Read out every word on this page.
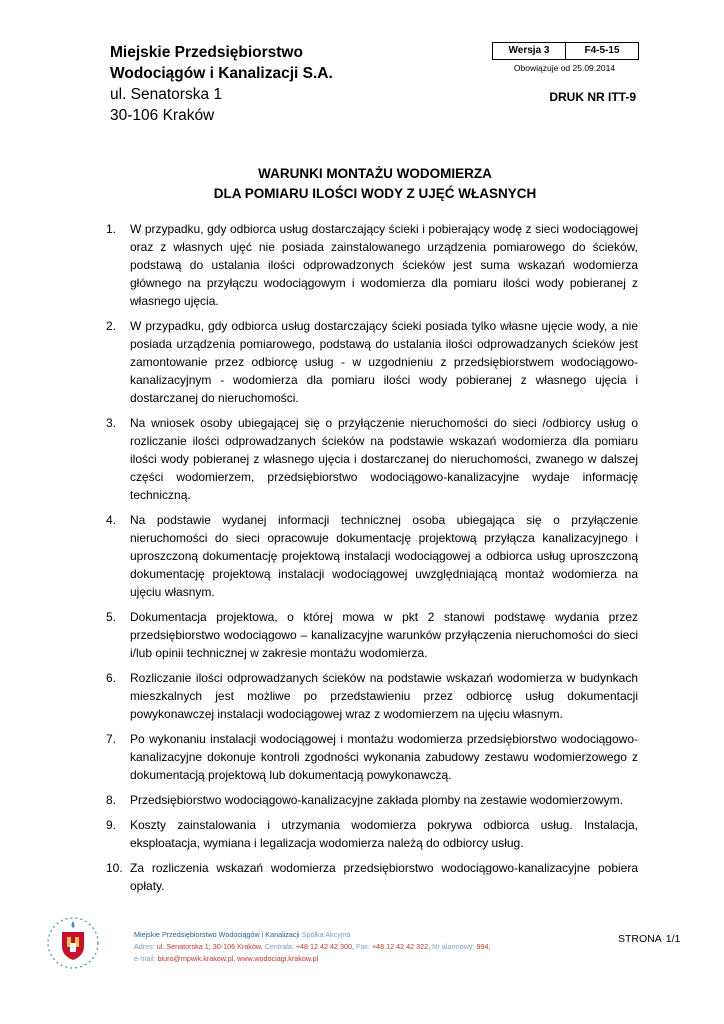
Miejskie Przedsiębiorstwo
Wodociągów i Kanalizacji S.A.
ul. Senatorska 1
30-106 Kraków
Wersja 3	F4-5-15
Obowiązuje od 25.09.2014
DRUK NR ITT-9
WARUNKI MONTAŻU WODOMIERZA
DLA POMIARU ILOŚCI WODY Z UJĘĆ WŁASNYCH
1.	W przypadku, gdy odbiorca usług dostarczający ścieki i pobierający wodę z sieci wodociągowej oraz z własnych ujęć nie posiada zainstalowanego urządzenia pomiarowego do ścieków, podstawą do ustalania ilości odprowadzonych ścieków jest suma wskazań wodomierza głównego na przyłączu wodociągowym i wodomierza dla pomiaru ilości wody pobieranej z własnego ujęcia.
2.	W przypadku, gdy odbiorca usług dostarczający ścieki posiada tylko własne ujęcie wody, a nie posiada urządzenia pomiarowego, podstawą do ustalania ilości odprowadzanych ścieków jest zamontowanie przez odbiorcę usług - w uzgodnieniu z przedsiębiorstwem wodociągowo-kanalizacyjnym - wodomierza dla pomiaru ilości wody pobieranej z własnego ujęcia i dostarczanej do nieruchomości.
3.	Na wniosek osoby ubiegającej się o przyłączenie nieruchomości do sieci /odbiorcy usług o rozliczanie ilości odprowadzanych ścieków na podstawie wskazań wodomierza dla pomiaru ilości wody pobieranej z własnego ujęcia i dostarczanej do nieruchomości, zwanego w dalszej części wodomierzem, przedsiębiorstwo wodociągowo-kanalizacyjne wydaje informację techniczną.
4.	Na podstawie wydanej informacji technicznej osoba ubiegająca się o przyłączenie nieruchomości do sieci opracowuje dokumentację projektową przyłącza kanalizacyjnego i uproszczoną dokumentację projektową instalacji wodociągowej a odbiorca usług uproszczoną dokumentację projektową instalacji wodociągowej uwzględniającą montaż wodomierza na ujęciu własnym.
5.	Dokumentacja projektowa, o której mowa w pkt 2 stanowi podstawę wydania przez przedsiębiorstwo wodociągowo – kanalizacyjne warunków przyłączenia nieruchomości do sieci i/lub opinii technicznej w zakresie montażu wodomierza.
6.	Rozliczanie ilości odprowadzanych ścieków na podstawie wskazań wodomierza w budynkach mieszkalnych jest możliwe po przedstawieniu przez odbiorcę usług dokumentacji powykonawczej instalacji wodociągowej wraz z wodomierzem na ujęciu własnym.
7.	Po wykonaniu instalacji wodociągowej i montażu wodomierza przedsiębiorstwo wodociągowo-kanalizacyjne dokonuje kontroli zgodności wykonania zabudowy zestawu wodomierzowego z dokumentacją projektową lub dokumentacją powykonawczą.
8.	Przedsiębiorstwo wodociągowo-kanalizacyjne zakłada plomby na zestawie wodomierzowym.
9.	Koszty zainstalowania i utrzymania wodomierza pokrywa odbiorca usług. Instalacja, eksploatacja, wymiana i legalizacja wodomierza należą do odbiorcy usług.
10. Za rozliczenia wskazań wodomierza przedsiębiorstwo wodociągowo-kanalizacyjne pobiera opłaty.
Miejskie Przedsiębiorstwo Wodociągów i Kanalizacji Spółka Akcyjna
Adres: ul. Senatorska 1; 30-106 Kraków, Centrala: +48 12 42 42 300, Fax: +48 12 42 42 322, Nr alarmowy: 994,
e-mail: biuro@mpwik.krakow.pl, www.wodociagi.krakow.pl
STRONA 1/1
